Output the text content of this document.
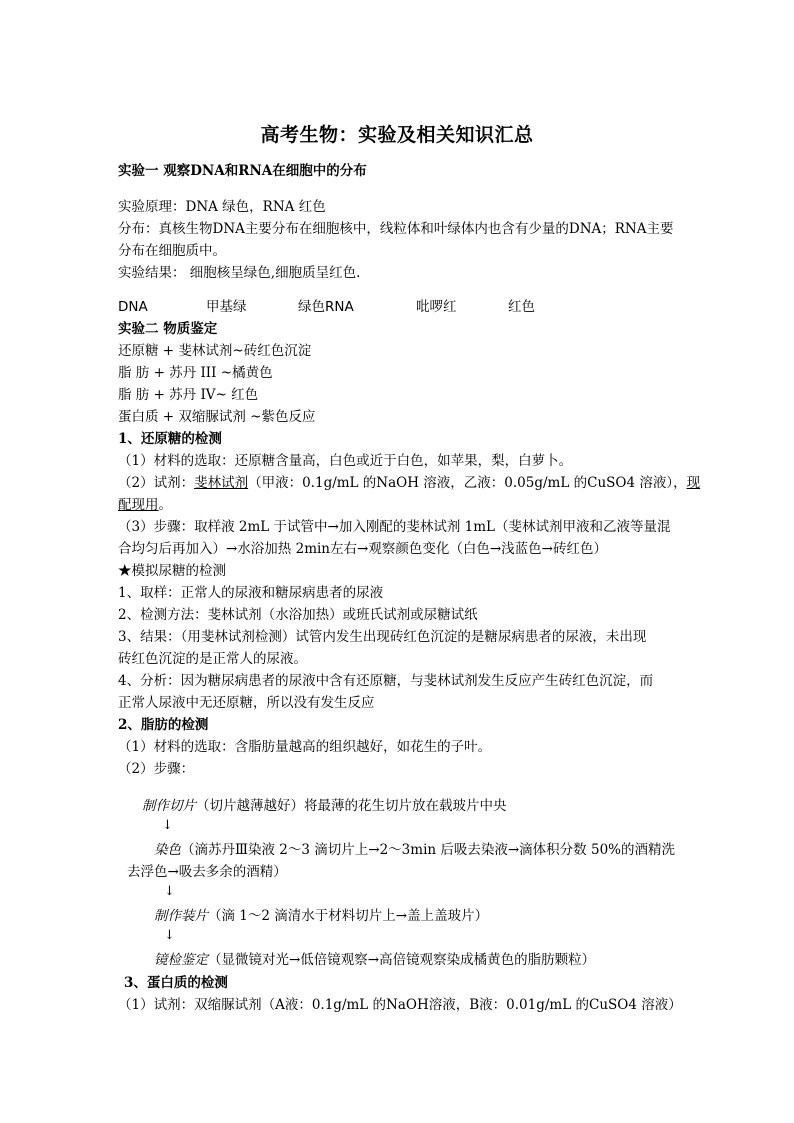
高考生物：实验及相关知识汇总
实验一 观察DNA和RNA在细胞中的分布
实验原理：DNA 绿色，RNA 红色
分布：真核生物DNA主要分布在细胞核中，线粒体和叶绿体内也含有少量的DNA；RNA主要
分布在细胞质中。
实验结果： 细胞核呈绿色,细胞质呈红色.
DNA	甲基绿	绿色RNA	吡啰红	红色
实验二 物质鉴定
还原糖 + 斐林试剂~砖红色沉淀
脂 肪 + 苏丹 III ~橘黄色
脂 肪 + 苏丹 IV~ 红色
蛋白质 + 双缩脲试剂 ~紫色反应
1、还原糖的检测
（1）材料的选取：还原糖含量高，白色或近于白色，如苹果，梨，白萝卜。
（2）试剂：斐林试剂（甲液：0.1g/mL 的NaOH 溶液，乙液：0.05g/mL 的CuSO4 溶液），现
配现用。
（3）步骤：取样液 2mL 于试管中→加入刚配的斐林试剂 1mL（斐林试剂甲液和乙液等量混
合均匀后再加入）→水浴加热 2min左右→观察颜色变化（白色→浅蓝色→砖红色）
★模拟尿糖的检测
1、取样：正常人的尿液和糖尿病患者的尿液
2、检测方法：斐林试剂（水浴加热）或班氏试剂或尿糖试纸
3、结果：（用斐林试剂检测）试管内发生出现砖红色沉淀的是糖尿病患者的尿液，未出现
砖红色沉淀的是正常人的尿液。
4、分析：因为糖尿病患者的尿液中含有还原糖，与斐林试剂发生反应产生砖红色沉淀，而
正常人尿液中无还原糖，所以没有发生反应
2、脂肪的检测
（1）材料的选取：含脂肪量越高的组织越好，如花生的子叶。
（2）步骤：
制作切片（切片越薄越好）将最薄的花生切片放在载玻片中央
↓
染色（滴苏丹Ⅲ染液 2～3 滴切片上→2～3min 后吸去染液→滴体积分数 50%的酒精洗
去浮色→吸去多余的酒精）
↓
制作装片（滴 1～2 滴清水于材料切片上→盖上盖玻片）
↓
镜检鉴定（显微镜对光→低倍镜观察→高倍镜观察染成橘黄色的脂肪颗粒）
3、蛋白质的检测
（1）试剂：双缩脲试剂（A液：0.1g/mL 的NaOH溶液，B液：0.01g/mL 的CuSO4 溶液）
